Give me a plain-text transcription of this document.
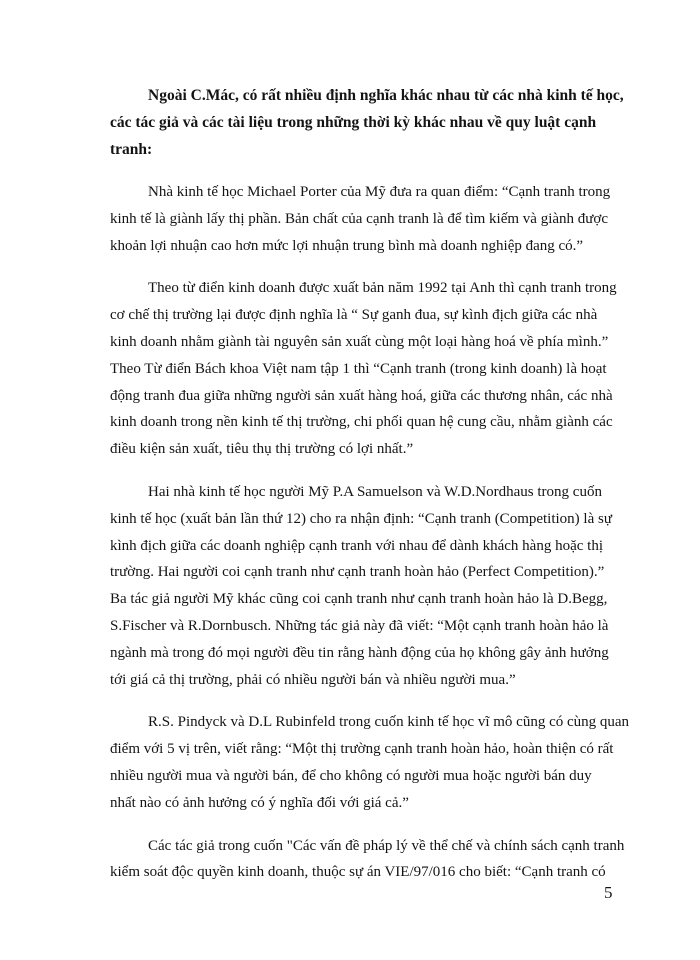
Ngoài C.Mác, có rất nhiều định nghĩa khác nhau từ các nhà kinh tế học,
các tác giả và các tài liệu trong những thời kỳ khác nhau về quy luật cạnh
tranh:
Nhà kinh tế học Michael Porter của Mỹ đưa ra quan điểm: “Cạnh tranh trong
kinh tế là giành lấy thị phần. Bản chất của cạnh tranh là để tìm kiếm và giành được
khoản lợi nhuận cao hơn mức lợi nhuận trung bình mà doanh nghiệp đang có.”
Theo từ điển kinh doanh được xuất bản năm 1992 tại Anh thì cạnh tranh trong
cơ chế thị trường lại được định nghĩa là “ Sự ganh đua, sự kình địch giữa các nhà
kinh doanh nhằm giành tài nguyên sản xuất cùng một loại hàng hoá về phía mình.”
Theo Từ điển Bách khoa Việt nam tập 1 thì “Cạnh tranh (trong kinh doanh) là hoạt
động tranh đua giữa những người sản xuất hàng hoá, giữa các thương nhân, các nhà
kinh doanh trong nền kinh tế thị trường, chi phối quan hệ cung cầu, nhằm giành các
điều kiện sản xuất, tiêu thụ thị trường có lợi nhất.”
Hai nhà kinh tế học người Mỹ P.A Samuelson và W.D.Nordhaus trong cuốn
kinh tế học (xuất bản lần thứ 12) cho ra nhận định: “Cạnh tranh (Competition) là sự
kình địch giữa các doanh nghiệp cạnh tranh với nhau để dành khách hàng hoặc thị
trường. Hai người coi cạnh tranh như cạnh tranh hoàn hảo (Perfect Competition).”
Ba tác giả người Mỹ khác cũng coi cạnh tranh như cạnh tranh hoàn hảo là D.Begg,
S.Fischer và R.Dornbusch. Những tác giả này đã viết: “Một cạnh tranh hoàn hảo là
ngành mà trong đó mọi người đều tin rằng hành động của họ không gây ảnh hưởng
tới giá cả thị trường, phải có nhiều người bán và nhiều người mua.”
R.S. Pindyck và D.L Rubinfeld trong cuốn kinh tế học vĩ mô cũng có cùng quan
điểm với 5 vị trên, viết rằng: “Một thị trường cạnh tranh hoàn hảo, hoàn thiện có rất
nhiều người mua và người bán, để cho không có người mua hoặc người bán duy
nhất nào có ảnh hưởng có ý nghĩa đối với giá cả.”
Các tác giả trong cuốn "Các vấn đề pháp lý về thể chế và chính sách cạnh tranh
kiểm soát độc quyền kinh doanh, thuộc sự án VIE/97/016 cho biết: “Cạnh tranh có
5
